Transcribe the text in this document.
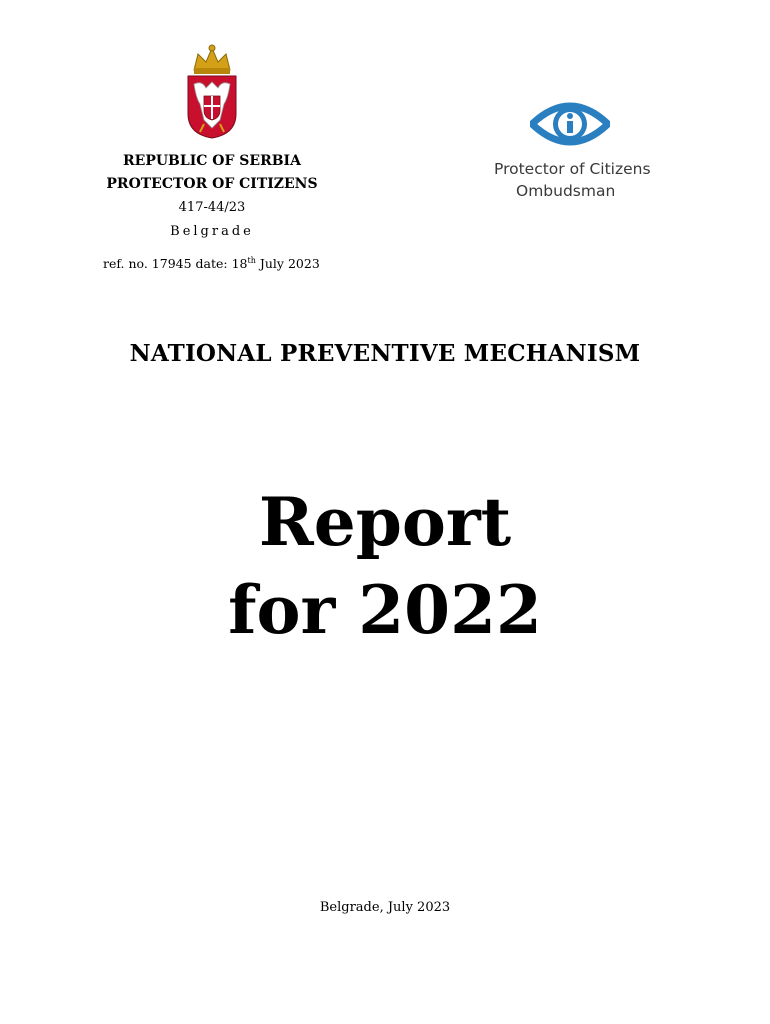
REPUBLIC OF SERBIA
PROTECTOR OF CITIZENS
417-44/23
Belgrade
ref. no. 17945 date: 18th July 2023
Protector of Citizens
Ombudsman
NATIONAL PREVENTIVE MECHANISM
Report
for 2022
Belgrade, July 2023
